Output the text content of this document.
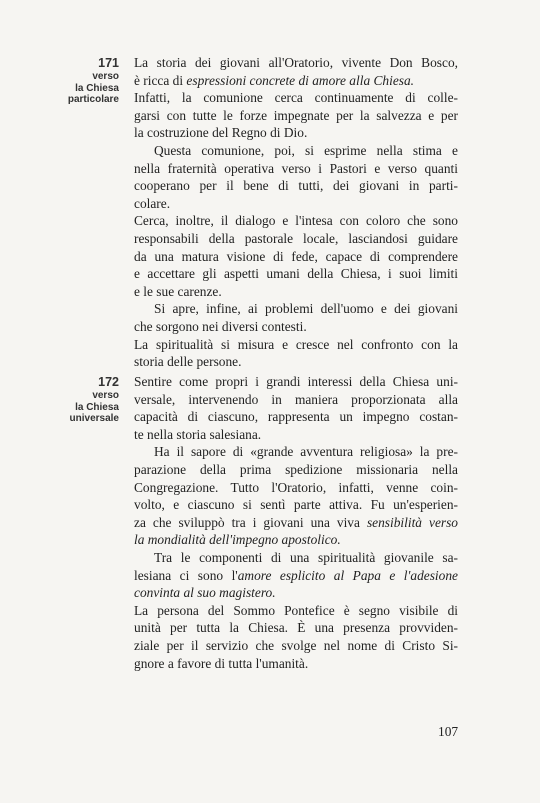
171
verso
la Chiesa
particolare
La storia dei giovani all'Oratorio, vivente Don Bosco,
è ricca di espressioni concrete di amore alla Chiesa.
Infatti, la comunione cerca continuamente di colle-
garsi con tutte le forze impegnate per la salvezza e per
la costruzione del Regno di Dio.
Questa comunione, poi, si esprime nella stima e
nella fraternità operativa verso i Pastori e verso quanti
cooperano per il bene di tutti, dei giovani in parti-
colare.
Cerca, inoltre, il dialogo e l'intesa con coloro che sono
responsabili della pastorale locale, lasciandosi guidare
da una matura visione di fede, capace di comprendere
e accettare gli aspetti umani della Chiesa, i suoi limiti
e le sue carenze.
Si apre, infine, ai problemi dell'uomo e dei giovani
che sorgono nei diversi contesti.
La spiritualità si misura e cresce nel confronto con la
storia delle persone.
172
verso
la Chiesa
universale
Sentire come propri i grandi interessi della Chiesa uni-
versale, intervenendo in maniera proporzionata alla
capacità di ciascuno, rappresenta un impegno costan-
te nella storia salesiana.
Ha il sapore di «grande avventura religiosa» la pre-
parazione della prima spedizione missionaria nella
Congregazione. Tutto l'Oratorio, infatti, venne coin-
volto, e ciascuno si sentì parte attiva. Fu un'esperien-
za che sviluppò tra i giovani una viva sensibilità verso
la mondialità dell'impegno apostolico.
Tra le componenti di una spiritualità giovanile sa-
lesiana ci sono l'amore esplicito al Papa e l'adesione
convinta al suo magistero.
La persona del Sommo Pontefice è segno visibile di
unità per tutta la Chiesa. È una presenza provviden-
ziale per il servizio che svolge nel nome di Cristo Si-
gnore a favore di tutta l'umanità.
107
